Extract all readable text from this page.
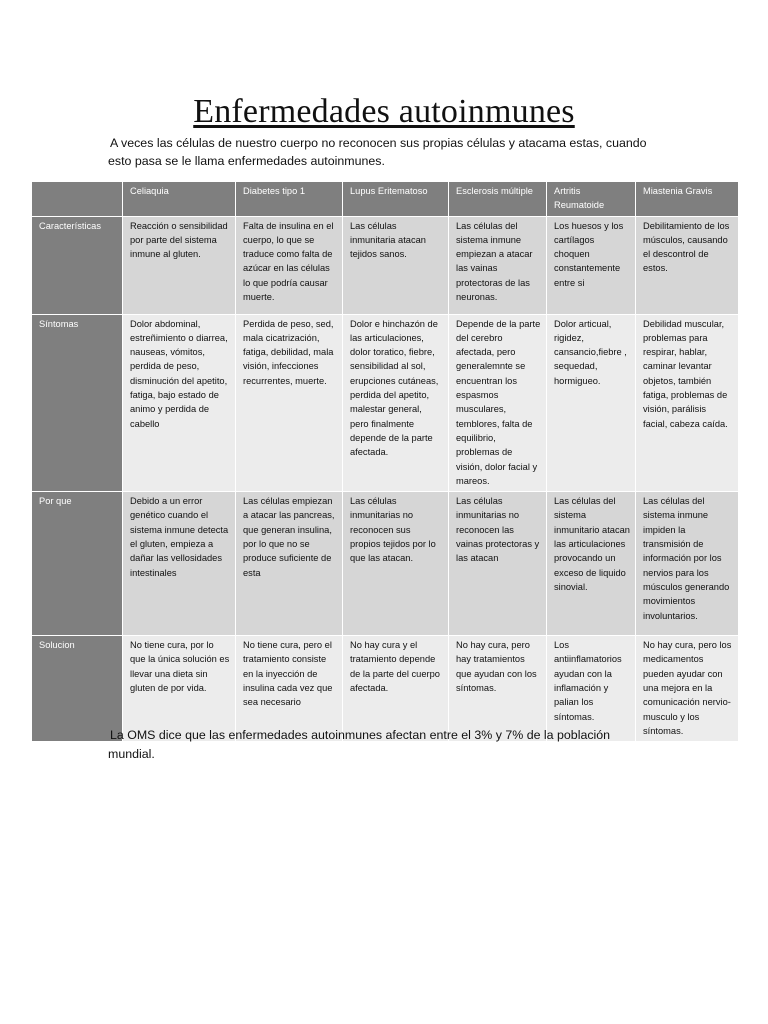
Enfermedades autoinmunes

A veces las células de nuestro cuerpo no reconocen sus propias células y atacama estas, cuando esto pasa se le llama enfermedades autoinmunes.

	Celiaquia	Diabetes tipo 1	Lupus Eritematoso	Esclerosis múltiple	Artritis Reumatoide	Miastenia Gravis
Características	Reacción o sensibilidad por parte del sistema inmune al gluten.	Falta de insulina en el cuerpo, lo que se traduce como falta de azúcar en las células lo que podría causar muerte.	Las células inmunitaria atacan tejidos sanos.	Las células del sistema inmune empiezan a atacar las vainas protectoras de las neuronas.	Los huesos y los cartílagos choquen constantemente entre si	Debilitamiento de los músculos, causando el descontrol de estos.
Síntomas	Dolor abdominal, estreñimiento o diarrea, nauseas, vómitos, perdida de peso, disminución del apetito, fatiga, bajo estado de animo y perdida de cabello	Perdida de peso, sed, mala cicatrización, fatiga, debilidad, mala visión, infecciones recurrentes, muerte.	Dolor e hinchazón de las articulaciones, dolor toratico, fiebre, sensibilidad al sol, erupciones cutáneas, perdida del apetito, malestar general, pero finalmente depende de la parte afectada.	Depende de la parte del cerebro afectada, pero generalemnte se encuentran los espasmos musculares, temblores, falta de equilibrio, problemas de visión, dolor facial y mareos.	Dolor articual, rigidez, cansancio,fiebre , sequedad, hormigueo.	Debilidad muscular, problemas para respirar, hablar, caminar levantar objetos, también fatiga, problemas de visión, parálisis facial, cabeza caída.
Por que	Debido a un error genético cuando el sistema inmune detecta el gluten, empieza a dañar las vellosidades intestinales	Las células empiezan a atacar las pancreas, que generan insulina, por lo que no se produce suficiente de esta	Las células inmunitarias no reconocen sus propios tejidos por lo que las atacan.	Las células inmunitarias no reconocen las vainas protectoras y las atacan	Las células del sistema inmunitario atacan las articulaciones provocando un exceso de liquido sinovial.	Las células del sistema inmune impiden la transmisión de información por los nervios para los músculos generando movimientos involuntarios.
Solucion	No tiene cura, por lo que la única solución es llevar una dieta sin gluten de por vida.	No tiene cura, pero el tratamiento consiste en la inyección de insulina cada vez que sea necesario	No hay cura y el tratamiento depende de la parte del cuerpo afectada.	No hay cura, pero hay tratamientos que ayudan con los síntomas.	Los antiinflamatorios ayudan con la inflamación y palian los síntomas.	No hay cura, pero los medicamentos pueden ayudar con una mejora en la comunicación nervio-musculo y los síntomas.

La OMS dice que las enfermedades autoinmunes afectan entre el 3% y 7% de la población mundial.
